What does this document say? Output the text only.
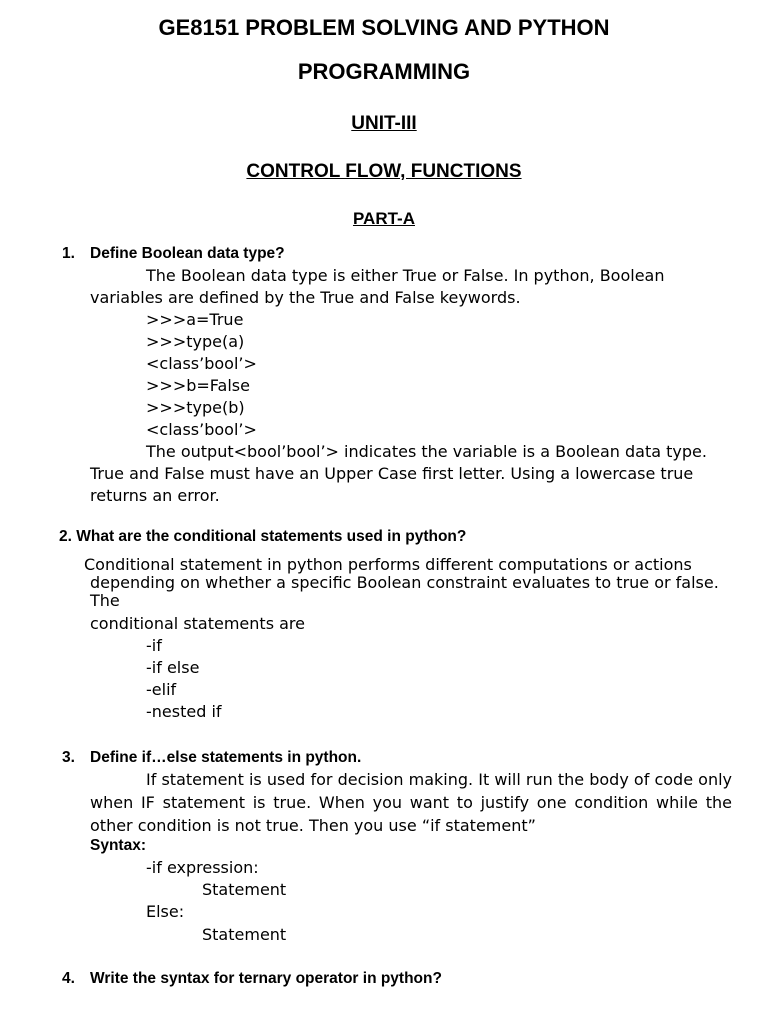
GE8151 PROBLEM SOLVING AND PYTHON
PROGRAMMING
UNIT-III
CONTROL FLOW, FUNCTIONS
PART-A
1. Define Boolean data type?
The Boolean data type is either True or False. In python, Boolean variables are defined by the True and False keywords.
>>>a=True
>>>type(a)
<class’bool’>
>>>b=False
>>>type(b)
<class’bool’>
The output<bool’bool’> indicates the variable is a Boolean data type.
True and False must have an Upper Case first letter. Using a lowercase true
returns an error.
2. What are the conditional statements used in python?
Conditional statement in python performs different computations or actions depending on whether a specific Boolean constraint evaluates to true or false. The
conditional statements are
-if
-if else
-elif
-nested if
3. Define if…else statements in python.
If statement is used for decision making. It will run the body of code only when IF statement is true. When you want to justify one condition while the other condition is not true. Then you use “if statement”
Syntax:
-if expression:
Statement
Else:
Statement
4. Write the syntax for ternary operator in python?
